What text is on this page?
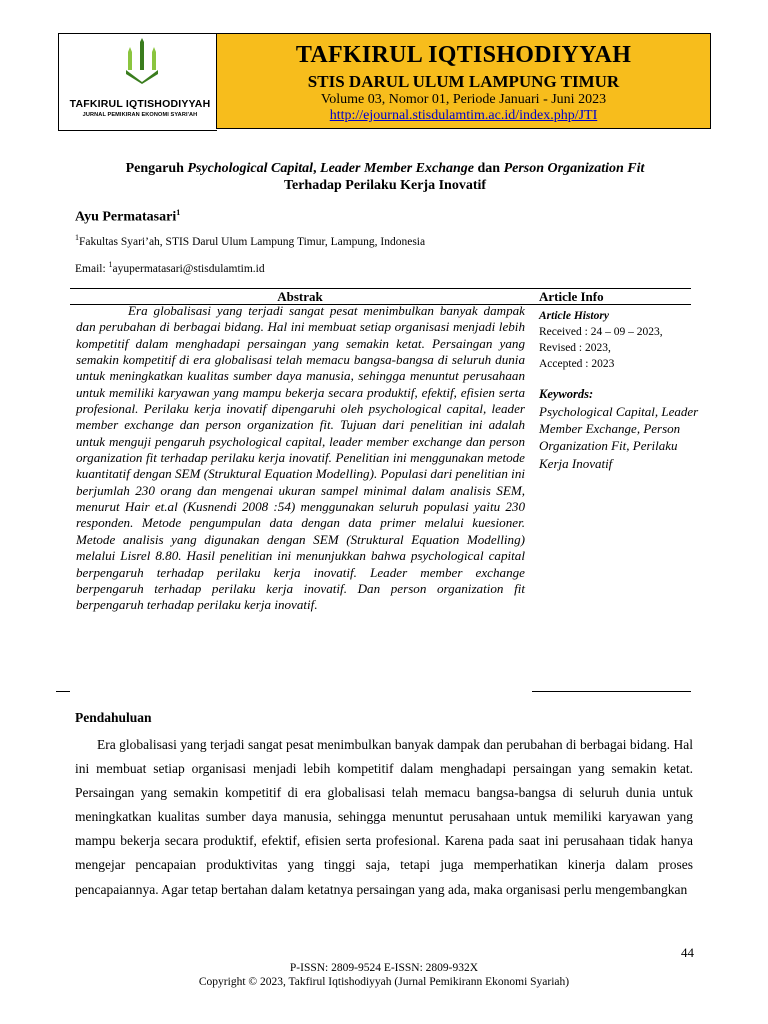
TAFKIRUL IQTISHODIYYAH
JURNAL PEMIKIRAN EKONOMI SYARI'AH
TAFKIRUL IQTISHODIYYAH
STIS DARUL ULUM LAMPUNG TIMUR
Volume 03, Nomor 01, Periode Januari - Juni 2023
http://ejournal.stisdulamtim.ac.id/index.php/JTI
Pengaruh Psychological Capital, Leader Member Exchange dan Person Organization Fit
Terhadap Perilaku Kerja Inovatif
Ayu Permatasari$^1$
$^1$Fakultas Syari’ah, STIS Darul Ulum Lampung Timur, Lampung, Indonesia
Email: $^1$ayupermatasari@stisdulamtim.id
Abstrak	Article Info
Era globalisasi yang terjadi sangat pesat menimbulkan banyak dampak dan perubahan di berbagai bidang. Hal ini membuat setiap organisasi menjadi lebih kompetitif dalam menghadapi persaingan yang semakin ketat. Persaingan yang semakin kompetitif di era globalisasi telah memacu bangsa-bangsa di seluruh dunia untuk meningkatkan kualitas sumber daya manusia, sehingga menuntut perusahaan untuk memiliki karyawan yang mampu bekerja secara produktif, efektif, efisien serta profesional. Perilaku kerja inovatif dipengaruhi oleh psychological capital, leader member exchange dan person organization fit. Tujuan dari penelitian ini adalah untuk menguji pengaruh psychological capital, leader member exchange dan person organization fit terhadap perilaku kerja inovatif. Penelitian ini menggunakan metode kuantitatif dengan SEM (Struktural Equation Modelling). Populasi dari penelitian ini berjumlah 230 orang dan mengenai ukuran sampel minimal dalam analisis SEM, menurut Hair et.al (Kusnendi 2008 :54) menggunakan seluruh populasi yaitu 230 responden. Metode pengumpulan data dengan data primer melalui kuesioner. Metode analisis yang digunakan dengan SEM (Struktural Equation Modelling) melalui Lisrel 8.80. Hasil penelitian ini menunjukkan bahwa psychological capital berpengaruh terhadap perilaku kerja inovatif. Leader member exchange berpengaruh terhadap perilaku kerja inovatif. Dan person organization fit berpengaruh terhadap perilaku kerja inovatif.
Article History
Received : 24 – 09 – 2023,
Revised : 2023,
Accepted : 2023
Keywords:
Psychological Capital, Leader Member Exchange, Person Organization Fit, Perilaku Kerja Inovatif
Pendahuluan
Era globalisasi yang terjadi sangat pesat menimbulkan banyak dampak dan perubahan di berbagai bidang. Hal ini membuat setiap organisasi menjadi lebih kompetitif dalam menghadapi persaingan yang semakin ketat. Persaingan yang semakin kompetitif di era globalisasi telah memacu bangsa-bangsa di seluruh dunia untuk meningkatkan kualitas sumber daya manusia, sehingga menuntut perusahaan untuk memiliki karyawan yang mampu bekerja secara produktif, efektif, efisien serta profesional. Karena pada saat ini perusahaan tidak hanya mengejar pencapaian produktivitas yang tinggi saja, tetapi juga memperhatikan kinerja dalam proses pencapaiannya. Agar tetap bertahan dalam ketatnya persaingan yang ada, maka organisasi perlu mengembangkan
44
P-ISSN: 2809-9524 E-ISSN: 2809-932X
Copyright © 2023, Takfirul Iqtishodiyyah (Jurnal Pemikirann Ekonomi Syariah)
